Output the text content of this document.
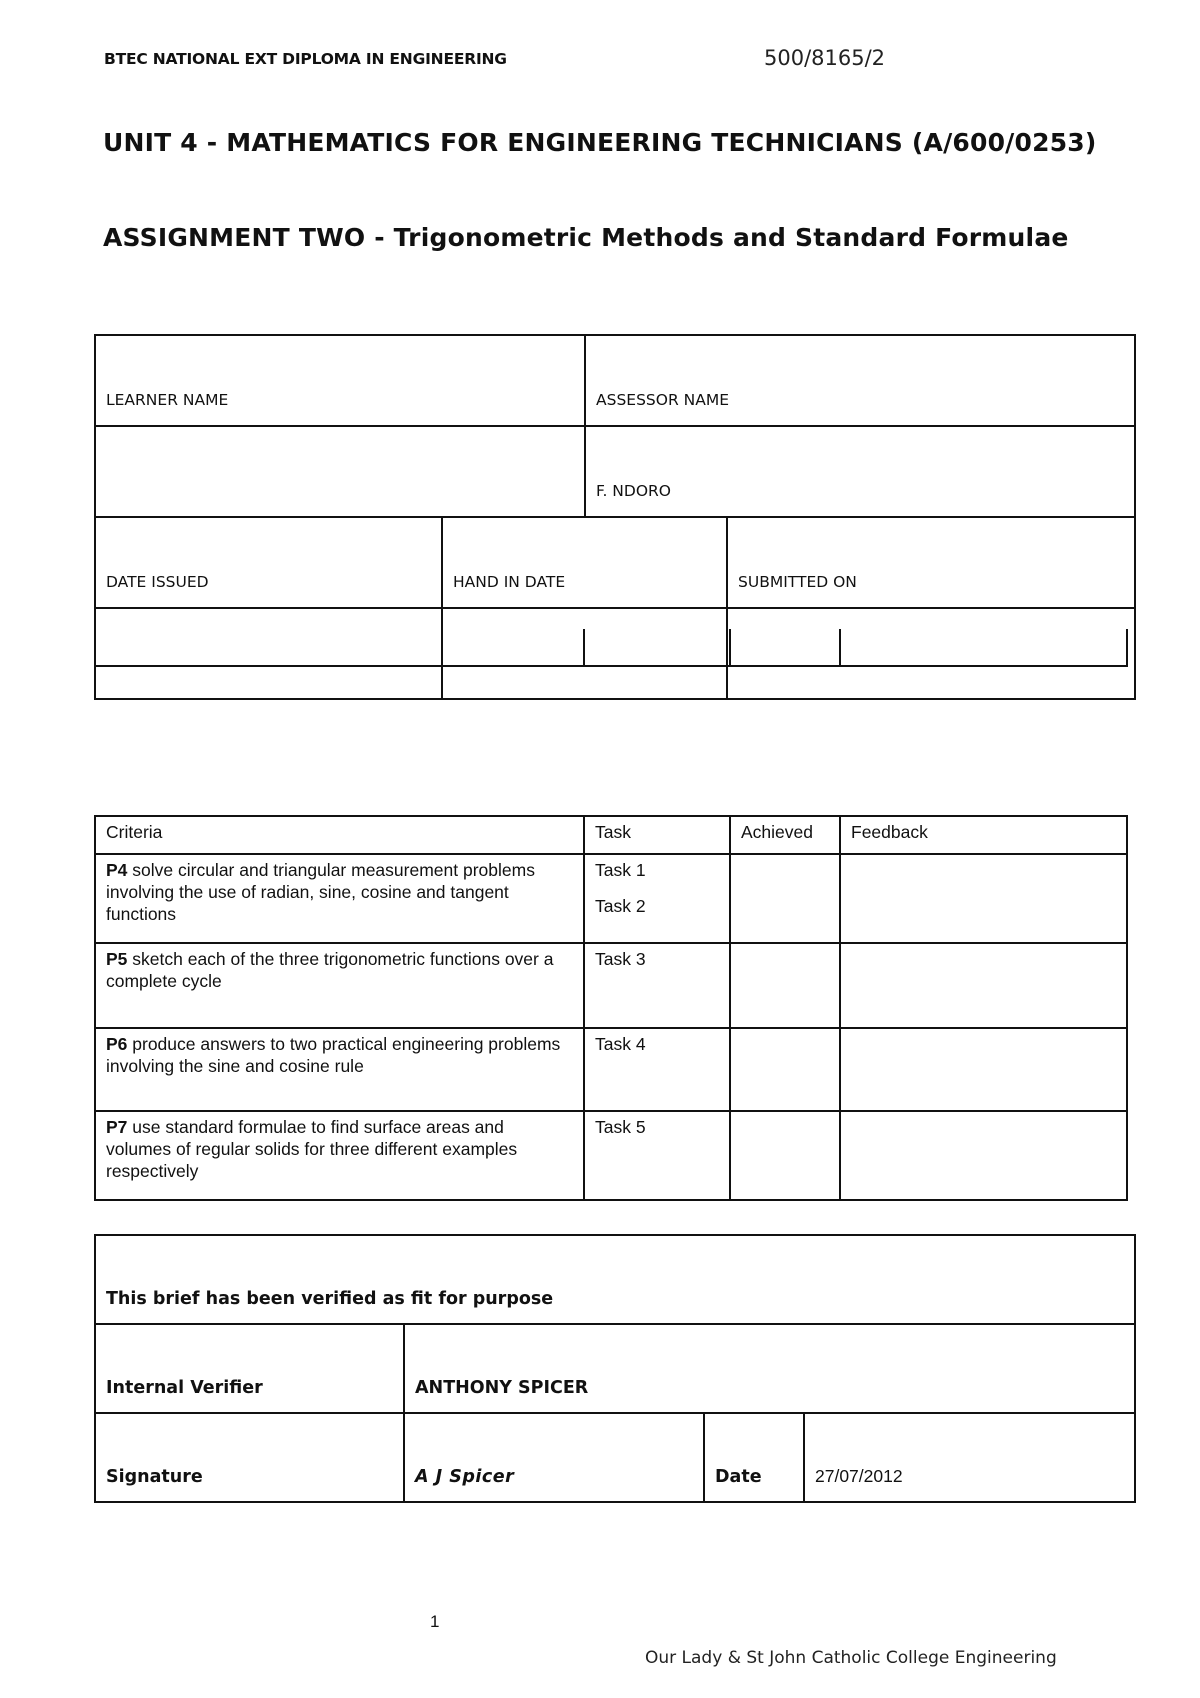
BTEC NATIONAL EXT DIPLOMA IN ENGINEERING	500/8165/2
UNIT 4 - MATHEMATICS FOR ENGINEERING TECHNICIANS (A/600/0253)
ASSIGNMENT TWO - Trigonometric Methods and Standard Formulae
LEARNER NAME		ASSESSOR NAME	
		F. NDORO	
DATE ISSUED	HAND IN DATE		SUBMITTED ON

Criteria	Task	Achieved	Feedback
P4 solve circular and triangular measurement problems involving the use of radian, sine, cosine and tangent functions	Task 1
Task 2		

P5 sketch each of the three trigonometric functions over a complete cycle	Task 3		

P6 produce answers to two practical engineering problems involving the sine and cosine rule	Task 4		

P7 use standard formulae to find surface areas and volumes of regular solids for three different examples respectively	Task 5		

This brief has been verified as fit for purpose			
Internal Verifier	ANTHONY SPICER		
Signature	A J Spicer	Date	27/07/2012
1
Our Lady & St John Catholic College Engineering
